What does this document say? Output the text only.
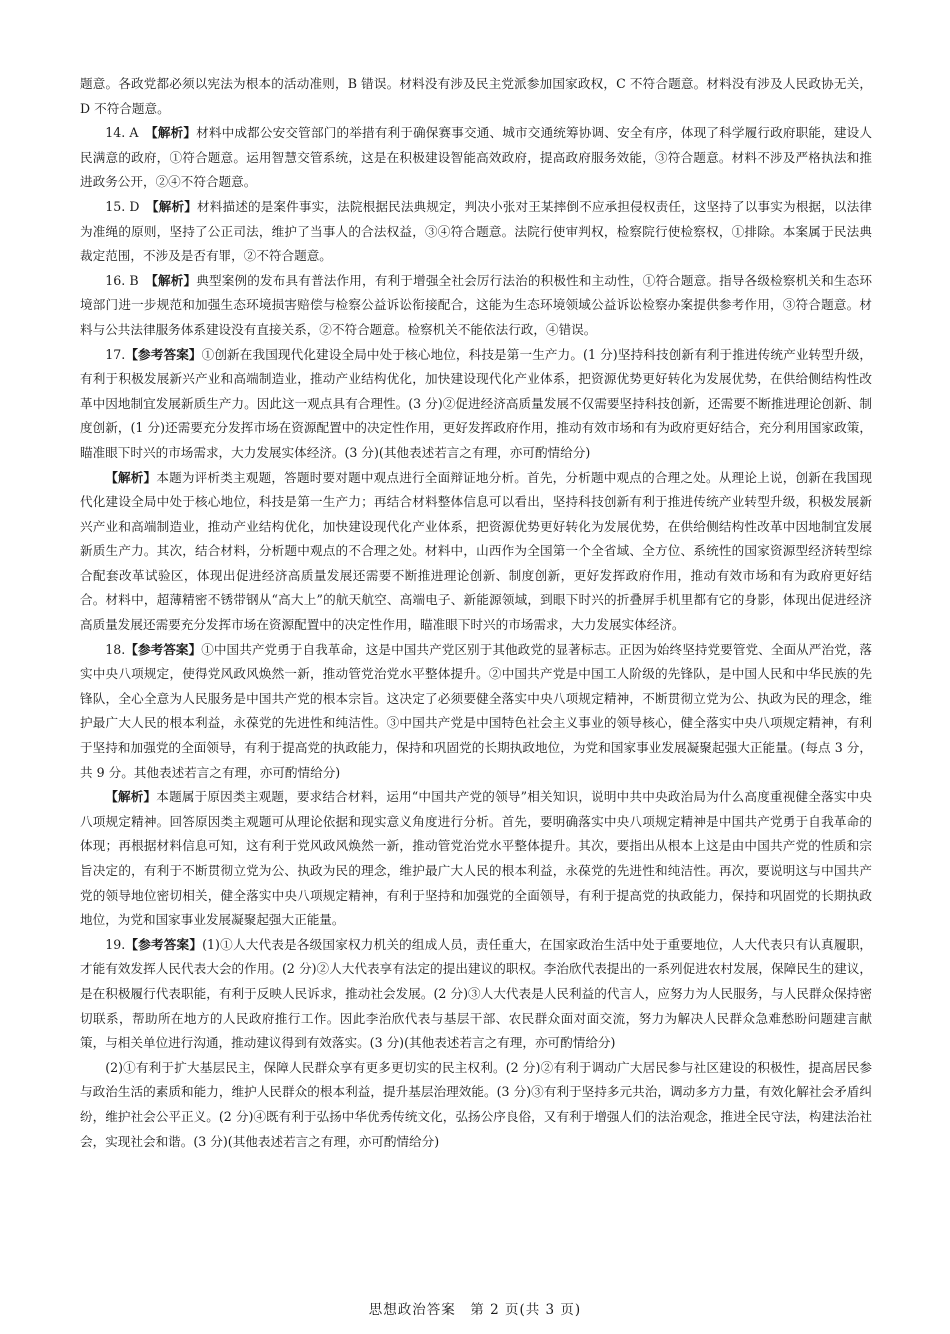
题意。各政党都必须以宪法为根本的活动准则，B 错误。材料没有涉及民主党派参加国家政权，C 不符合题意。材料没有涉及人民政协无关，D 不符合题意。

14. A　【解析】材料中成都公安交管部门的举措有利于确保赛事交通、城市交通统筹协调、安全有序，体现了科学履行政府职能，建设人民满意的政府，①符合题意。运用智慧交管系统，这是在积极建设智能高效政府，提高政府服务效能，③符合题意。材料不涉及严格执法和推进政务公开，②④不符合题意。

15. D　【解析】材料描述的是案件事实，法院根据民法典规定，判决小张对王某摔倒不应承担侵权责任，这坚持了以事实为根据，以法律为准绳的原则，坚持了公正司法，维护了当事人的合法权益，③④符合题意。法院行使审判权，检察院行使检察权，①排除。本案属于民法典裁定范围，不涉及是否有罪，②不符合题意。

16. B　【解析】典型案例的发布具有普法作用，有利于增强全社会厉行法治的积极性和主动性，①符合题意。指导各级检察机关和生态环境部门进一步规范和加强生态环境损害赔偿与检察公益诉讼衔接配合，这能为生态环境领域公益诉讼检察办案提供参考作用，③符合题意。材料与公共法律服务体系建设没有直接关系，②不符合题意。检察机关不能依法行政，④错误。

17.【参考答案】①创新在我国现代化建设全局中处于核心地位，科技是第一生产力。(1 分)坚持科技创新有利于推进传统产业转型升级，有利于积极发展新兴产业和高端制造业，推动产业结构优化，加快建设现代化产业体系，把资源优势更好转化为发展优势，在供给侧结构性改革中因地制宜发展新质生产力。因此这一观点具有合理性。(3 分)②促进经济高质量发展不仅需要坚持科技创新，还需要不断推进理论创新、制度创新，(1 分)还需要充分发挥市场在资源配置中的决定性作用，更好发挥政府作用，推动有效市场和有为政府更好结合，充分利用国家政策，瞄准眼下时兴的市场需求，大力发展实体经济。(3 分)(其他表述若言之有理，亦可酌情给分)

【解析】本题为评析类主观题，答题时要对题中观点进行全面辩证地分析。首先，分析题中观点的合理之处。从理论上说，创新在我国现代化建设全局中处于核心地位，科技是第一生产力；再结合材料整体信息可以看出，坚持科技创新有利于推进传统产业转型升级，积极发展新兴产业和高端制造业，推动产业结构优化，加快建设现代化产业体系，把资源优势更好转化为发展优势，在供给侧结构性改革中因地制宜发展新质生产力。其次，结合材料，分析题中观点的不合理之处。材料中，山西作为全国第一个全省域、全方位、系统性的国家资源型经济转型综合配套改革试验区，体现出促进经济高质量发展还需要不断推进理论创新、制度创新，更好发挥政府作用，推动有效市场和有为政府更好结合。材料中，超薄精密不锈带钢从“高大上”的航天航空、高端电子、新能源领域，到眼下时兴的折叠屏手机里都有它的身影，体现出促进经济高质量发展还需要充分发挥市场在资源配置中的决定性作用，瞄准眼下时兴的市场需求，大力发展实体经济。

18.【参考答案】①中国共产党勇于自我革命，这是中国共产党区别于其他政党的显著标志。正因为始终坚持党要管党、全面从严治党，落实中央八项规定，使得党风政风焕然一新，推动管党治党水平整体提升。②中国共产党是中国工人阶级的先锋队，是中国人民和中华民族的先锋队，全心全意为人民服务是中国共产党的根本宗旨。这决定了必须要健全落实中央八项规定精神，不断贯彻立党为公、执政为民的理念，维护最广大人民的根本利益，永葆党的先进性和纯洁性。③中国共产党是中国特色社会主义事业的领导核心，健全落实中央八项规定精神，有利于坚持和加强党的全面领导，有利于提高党的执政能力，保持和巩固党的长期执政地位，为党和国家事业发展凝聚起强大正能量。(每点 3 分，共 9 分。其他表述若言之有理，亦可酌情给分)

【解析】本题属于原因类主观题，要求结合材料，运用“中国共产党的领导”相关知识，说明中共中央政治局为什么高度重视健全落实中央八项规定精神。回答原因类主观题可从理论依据和现实意义角度进行分析。首先，要明确落实中央八项规定精神是中国共产党勇于自我革命的体现；再根据材料信息可知，这有利于党风政风焕然一新，推动管党治党水平整体提升。其次，要指出从根本上这是由中国共产党的性质和宗旨决定的，有利于不断贯彻立党为公、执政为民的理念，维护最广大人民的根本利益，永葆党的先进性和纯洁性。再次，要说明这与中国共产党的领导地位密切相关，健全落实中央八项规定精神，有利于坚持和加强党的全面领导，有利于提高党的执政能力，保持和巩固党的长期执政地位，为党和国家事业发展凝聚起强大正能量。

19.【参考答案】(1)①人大代表是各级国家权力机关的组成人员，责任重大，在国家政治生活中处于重要地位，人大代表只有认真履职，才能有效发挥人民代表大会的作用。(2 分)②人大代表享有法定的提出建议的职权。李治欣代表提出的一系列促进农村发展，保障民生的建议，是在积极履行代表职能，有利于反映人民诉求，推动社会发展。(2 分)③人大代表是人民利益的代言人，应努力为人民服务，与人民群众保持密切联系，帮助所在地方的人民政府推行工作。因此李治欣代表与基层干部、农民群众面对面交流，努力为解决人民群众急难愁盼问题建言献策，与相关单位进行沟通，推动建议得到有效落实。(3 分)(其他表述若言之有理，亦可酌情给分)

(2)①有利于扩大基层民主，保障人民群众享有更多更切实的民主权利。(2 分)②有利于调动广大居民参与社区建设的积极性，提高居民参与政治生活的素质和能力，维护人民群众的根本利益，提升基层治理效能。(3 分)③有利于坚持多元共治，调动多方力量，有效化解社会矛盾纠纷，维护社会公平正义。(2 分)④既有利于弘扬中华优秀传统文化，弘扬公序良俗，又有利于增强人们的法治观念，推进全民守法，构建法治社会，实现社会和谐。(3 分)(其他表述若言之有理，亦可酌情给分)

思想政治答案　第 2 页(共 3 页)
